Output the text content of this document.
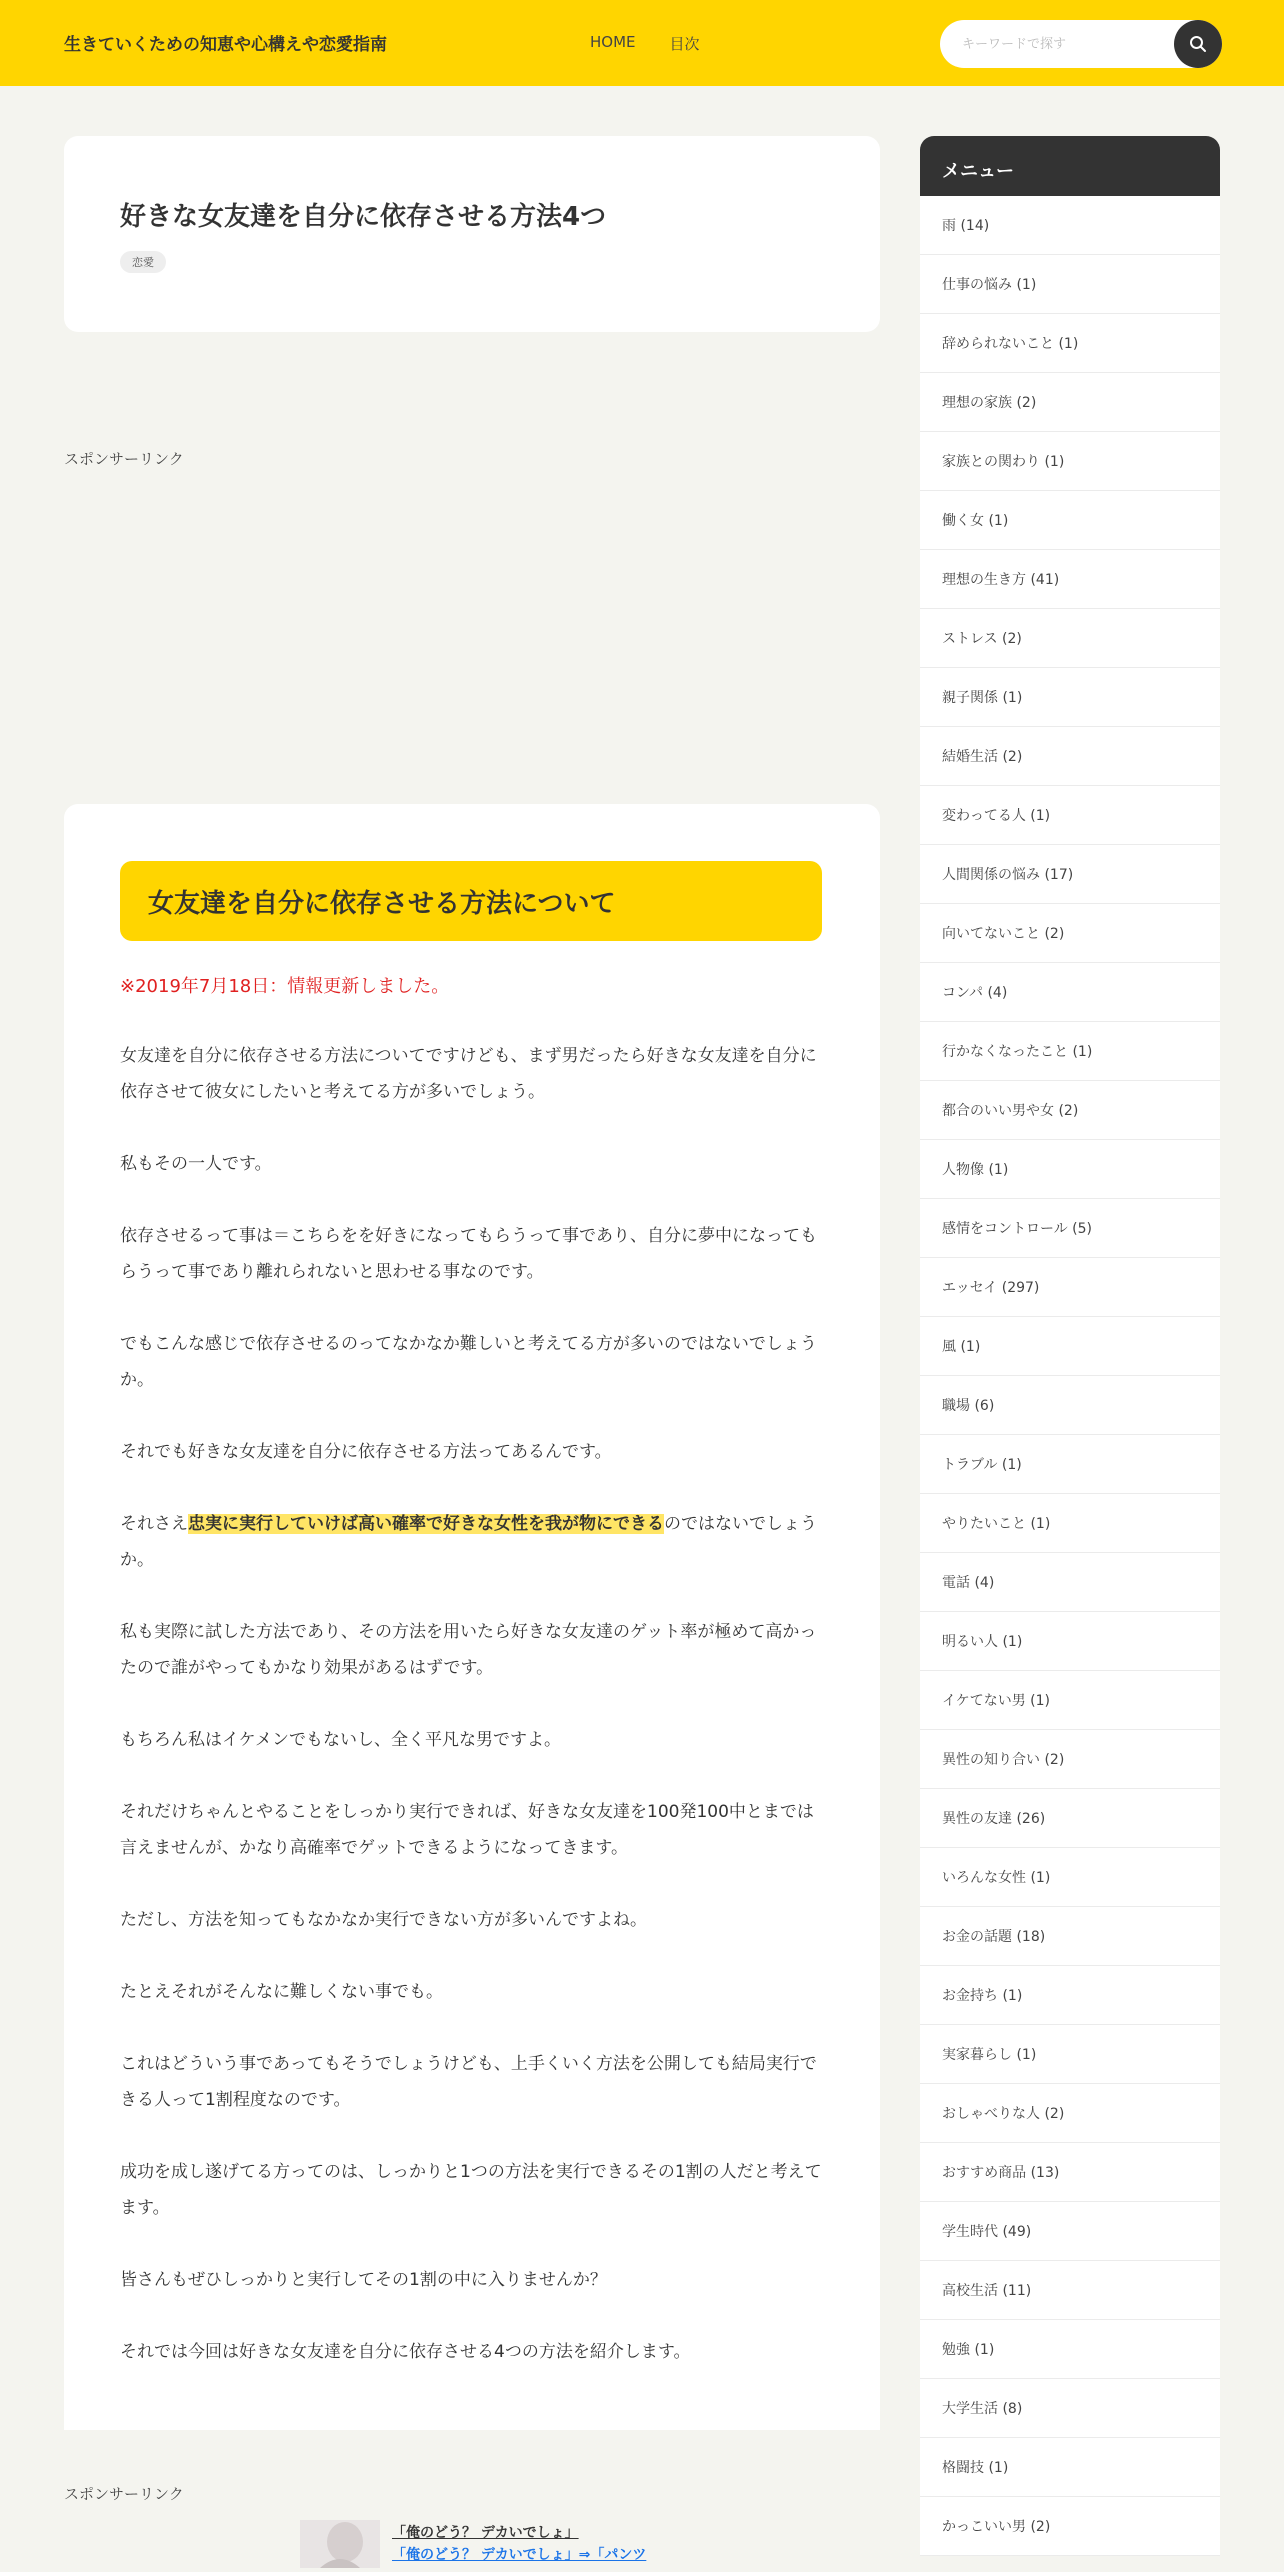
生きていくための知恵や心構えや恋愛指南	HOME 目次
キーワードで探す
好きな女友達を自分に依存させる方法4つ
恋愛
スポンサーリンク
女友達を自分に依存させる方法について
※2019年7月18日：情報更新しました。

女友達を自分に依存させる方法についてですけども、まず男だったら好きな女友達を自分に依存させて彼女にしたいと考えてる方が多いでしょう。

私もその一人です。

依存させるって事は＝こちらをを好きになってもらうって事であり、自分に夢中になってもらうって事であり離れられないと思わせる事なのです。

でもこんな感じで依存させるのってなかなか難しいと考えてる方が多いのではないでしょうか。

それでも好きな女友達を自分に依存させる方法ってあるんです。

それさえ忠実に実行していけば高い確率で好きな女性を我が物にできるのではないでしょうか。

私も実際に試した方法であり、その方法を用いたら好きな女友達のゲット率が極めて高かったので誰がやってもかなり効果があるはずです。

もちろん私はイケメンでもないし、全く平凡な男ですよ。

それだけちゃんとやることをしっかり実行できれば、好きな女友達を100発100中とまでは言えませんが、かなり高確率でゲットできるようになってきます。

ただし、方法を知ってもなかなか実行できない方が多いんですよね。

たとえそれがそんなに難しくない事でも。

これはどういう事であってもそうでしょうけども、上手くいく方法を公開しても結局実行できる人って1割程度なのです。

成功を成し遂げてる方ってのは、しっかりと1つの方法を実行できるその1割の人だと考えてます。

皆さんもぜひしっかりと実行してその1割の中に入りませんか？

それでは今回は好きな女友達を自分に依存させる4つの方法を紹介します。

スポンサーリンク
「俺のどう？ デカいでしょ」
「俺のどう？ デカいでしょ」⇒「パンツ
メニュー
雨 (14)
仕事の悩み (1)
辞められないこと (1)
理想の家族 (2)
家族との関わり (1)
働く女 (1)
理想の生き方 (41)
ストレス (2)
親子関係 (1)
結婚生活 (2)
変わってる人 (1)
人間関係の悩み (17)
向いてないこと (2)
コンパ (4)
行かなくなったこと (1)
都合のいい男や女 (2)
人物像 (1)
感情をコントロール (5)
エッセイ (297)
風 (1)
職場 (6)
トラブル (1)
やりたいこと (1)
電話 (4)
明るい人 (1)
イケてない男 (1)
異性の知り合い (2)
異性の友達 (26)
いろんな女性 (1)
お金の話題 (18)
お金持ち (1)
実家暮らし (1)
おしゃべりな人 (2)
おすすめ商品 (13)
学生時代 (49)
高校生活 (11)
勉強 (1)
大学生活 (8)
格闘技 (1)
かっこいい男 (2)
